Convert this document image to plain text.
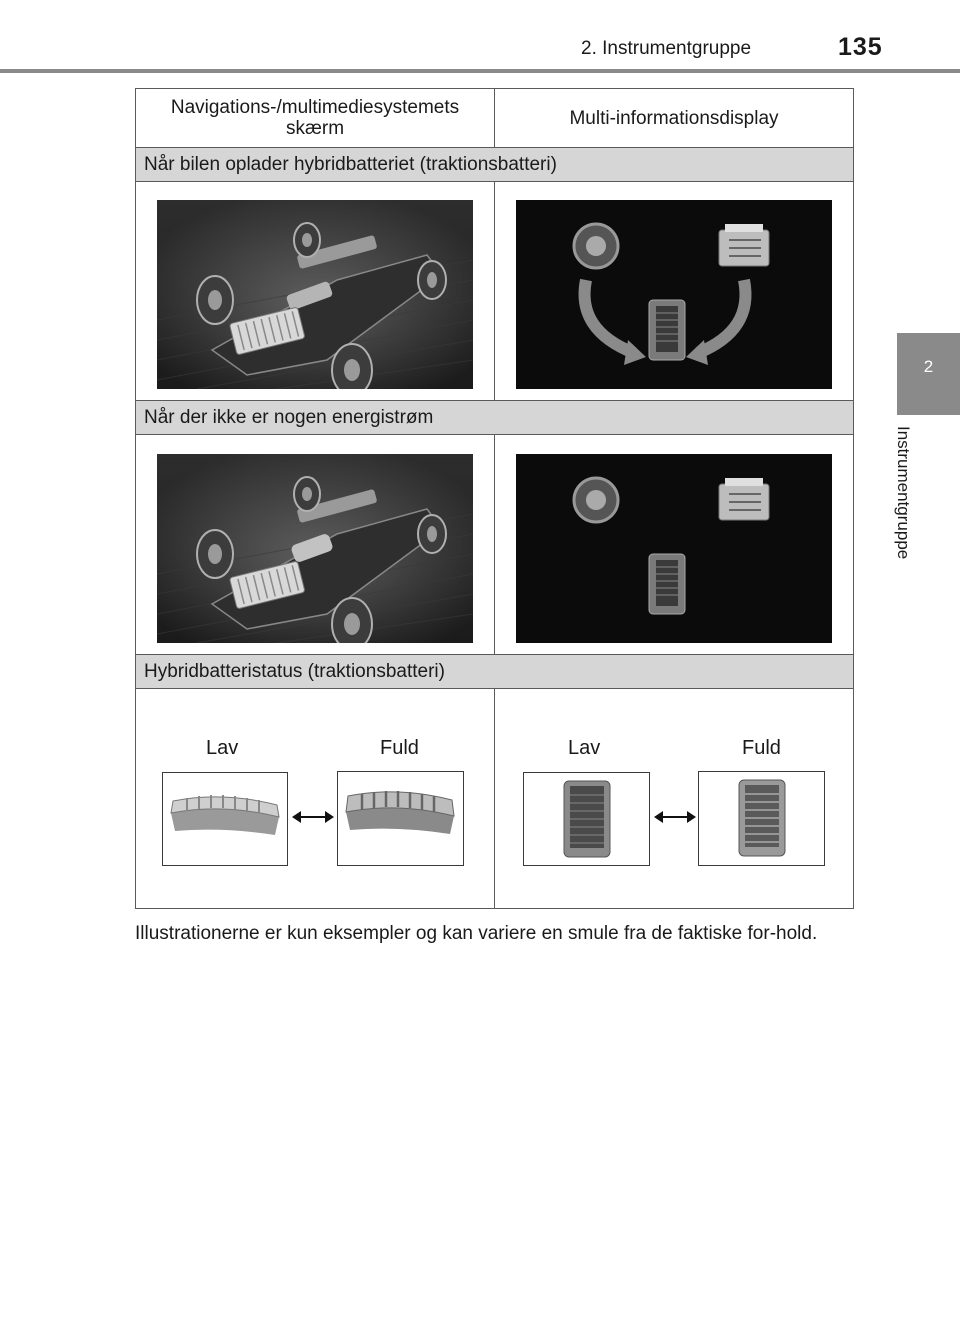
2. Instrumentgruppe	135
2
Instrumentgruppe
Navigations-/multimediesystemets skærm	Multi-informationsdisplay
Når bilen oplader hybridbatteriet (traktionsbatteri)
Når der ikke er nogen energistrøm
Hybridbatteristatus (traktionsbatteri)
Lav	Fuld	Lav	Fuld
Illustrationerne er kun eksempler og kan variere en smule fra de faktiske for-hold.
